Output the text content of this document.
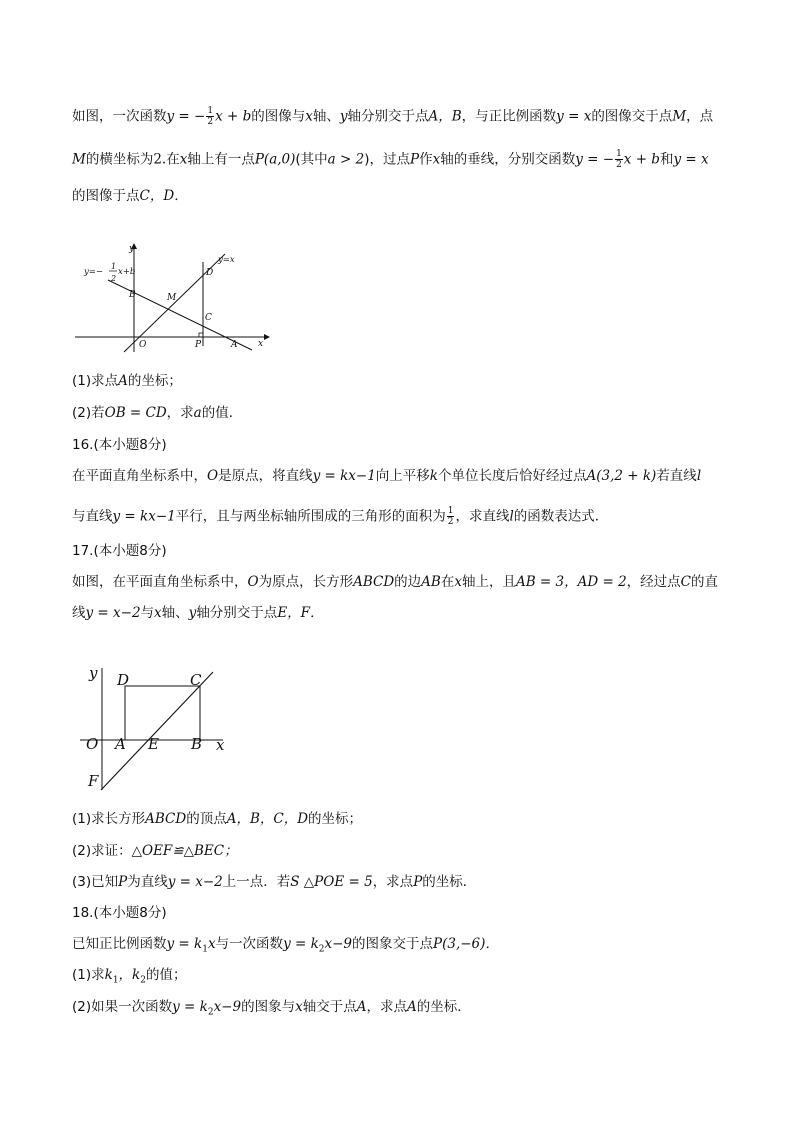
如图，一次函数y = − $\frac{1}{2}$ x + b的图像与x轴、y轴分别交于点A，B，与正比例函数y = x的图像交于点M，点
M的横坐标为2.在x轴上有一点P(a,0)(其中a > 2)，过点P作x轴的垂线，分别交函数y = − $\frac{1}{2}$ x + b和y = x
的图像于点C，D．
y=−
1
2
x+b
y=x
y
x
O
B	M
D
C
P	A
(1)求点A的坐标；
(2)若OB = CD，求a的值．
16.(本小题8分)
在平面直角坐标系中，O是原点，将直线y = kx−1向上平移k个单位长度后恰好经过点A(3,2 + k)若直线l
与直线y = kx−1平行，且与两坐标轴所围成的三角形的面积为 $\frac{1}{2}$ ，求直线l的函数表达式．
17.(本小题8分)
如图，在平面直角坐标系中，O为原点，长方形ABCD的边AB在x轴上，且AB = 3，AD = 2，经过点C的直
线y = x−2与x轴、y轴分别交于点E，F．
y
x
O A E B
D	C
F
(1)求长方形ABCD的顶点A，B，C，D的坐标；
(2)求证：△OEF≌△BEC；
(3)已知P为直线y = x−2上一点．若S △POE = 5，求点P的坐标．
18.(本小题8分)
已知正比例函数$y = k_1x$与一次函数$y = k_2x-9$的图象交于点P(3,−6)．
(1)求$k_1$，$k_2$的值；
(2)如果一次函数$y = k_2x-9$的图象与x轴交于点A，求点A的坐标．
